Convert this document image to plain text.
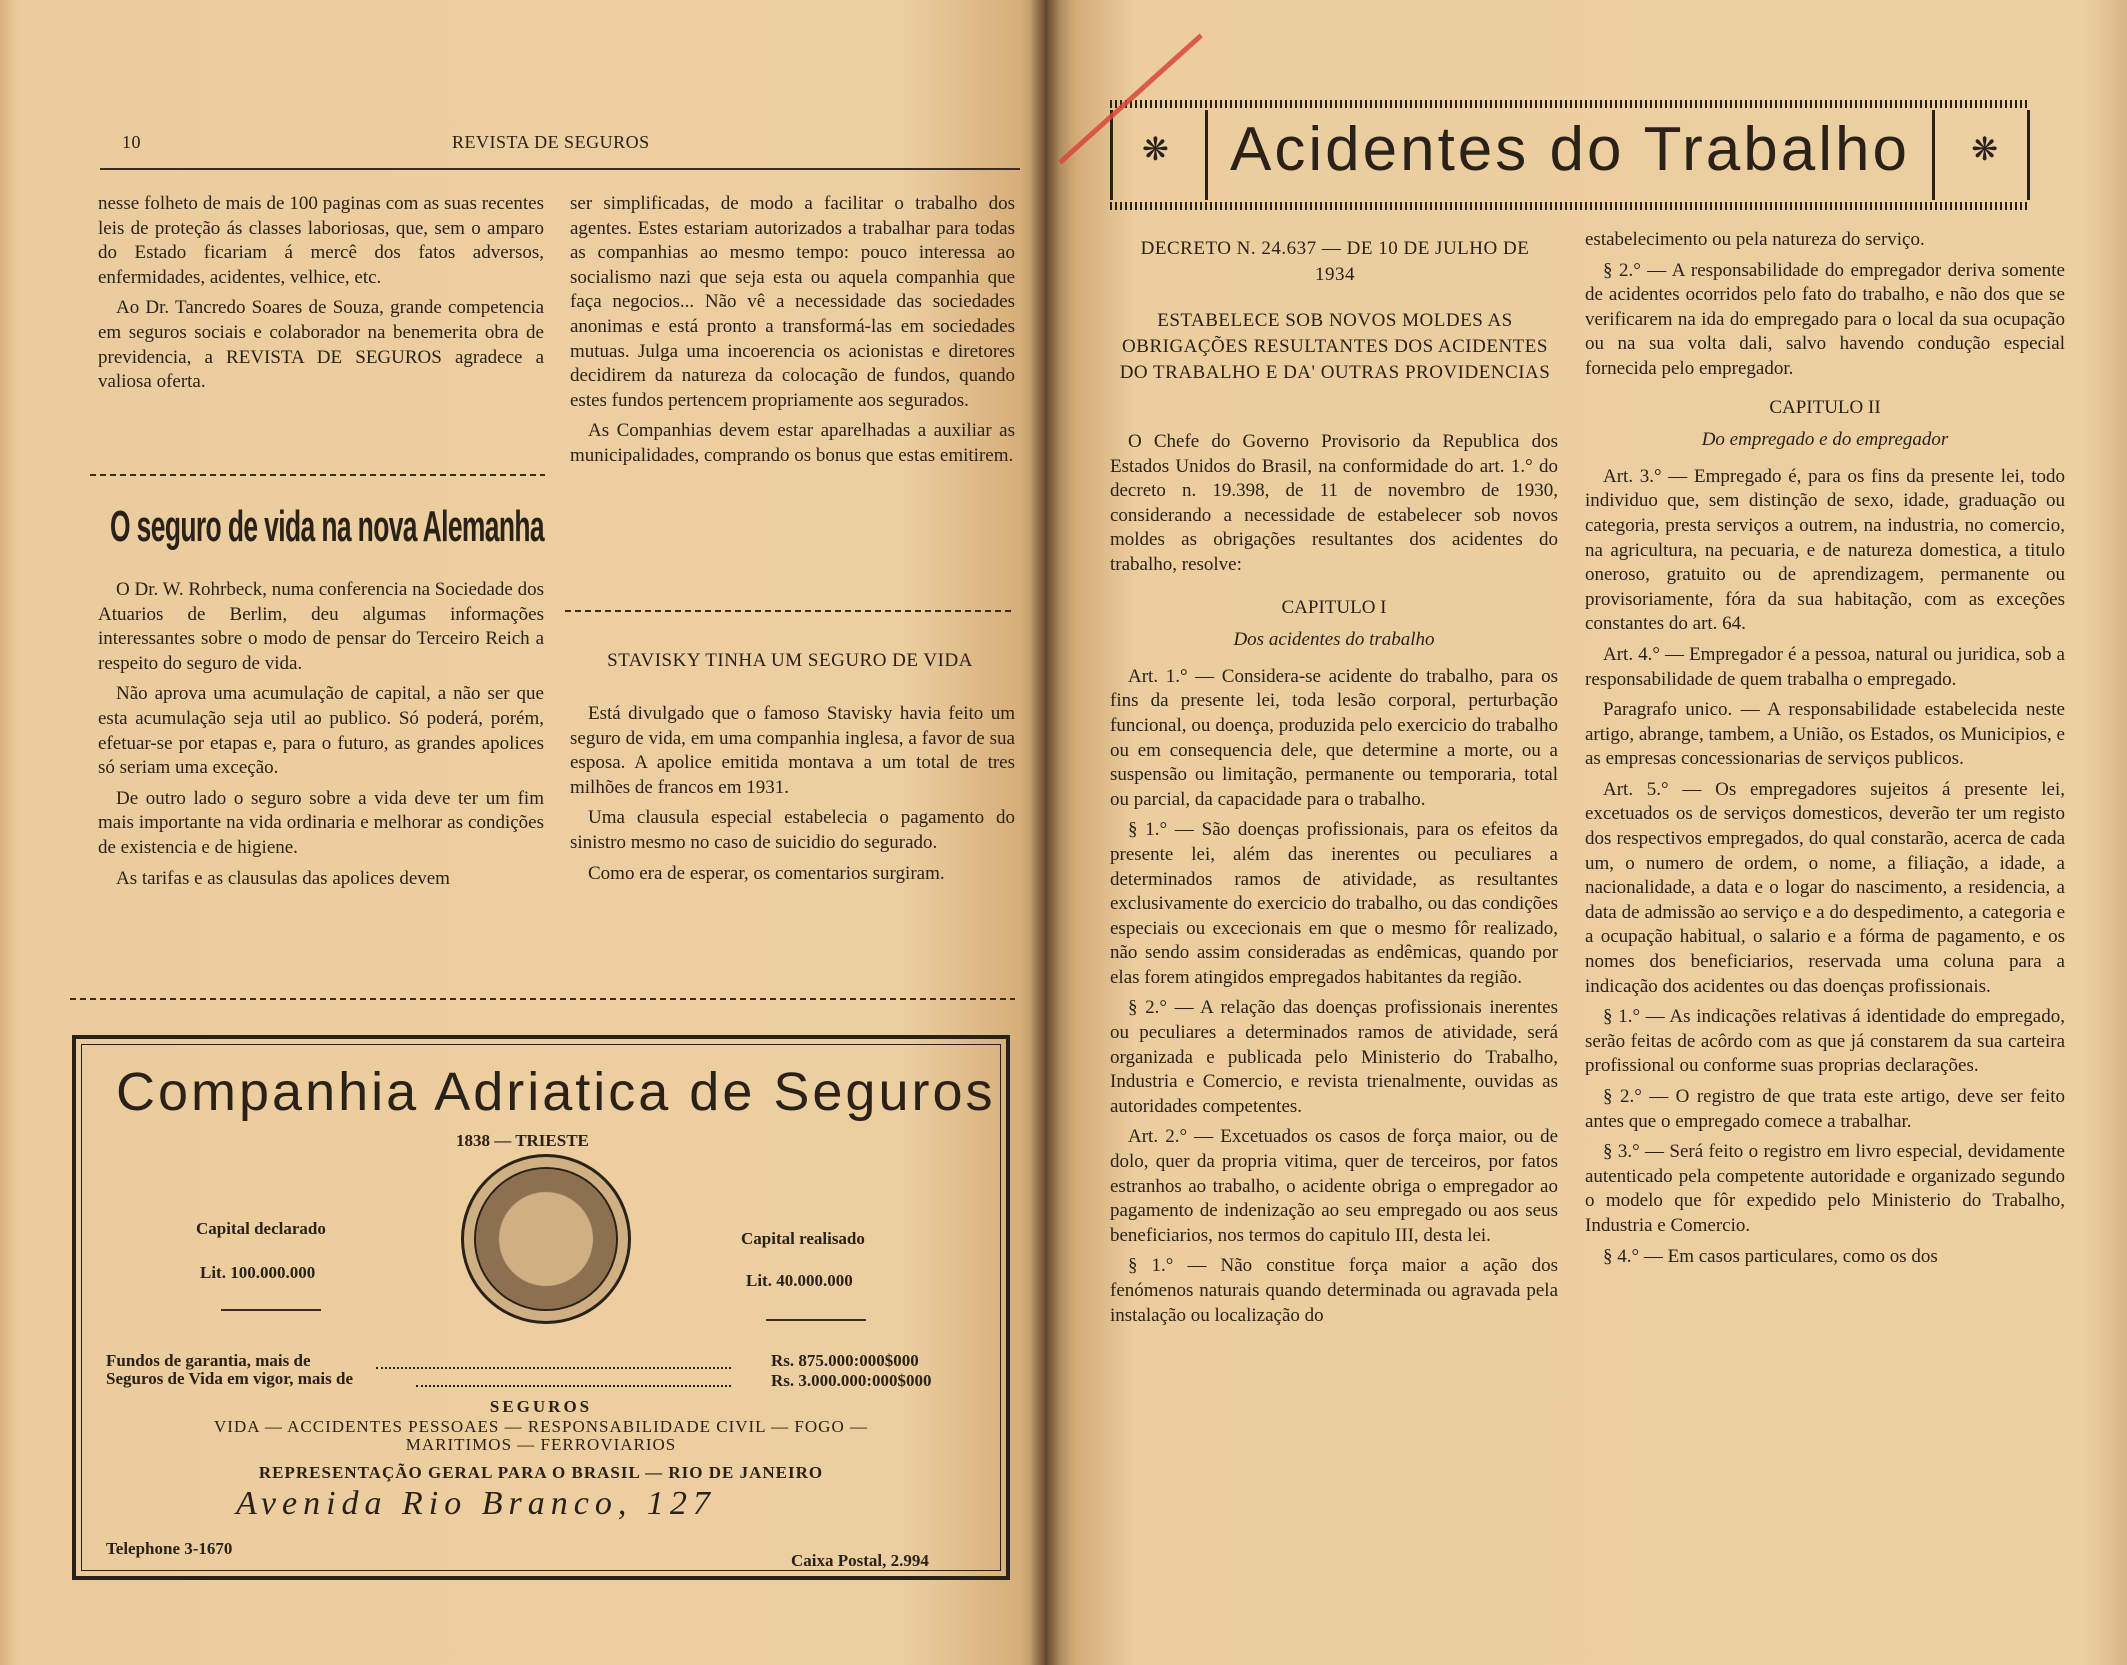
10	REVISTA DE SEGUROS

nesse folheto de mais de 100 paginas com as suas recentes leis de proteção ás classes laboriosas, que, sem o amparo do Estado ficariam á mercê dos fatos adversos, enfermidades, acidentes, velhice, etc.

Ao Dr. Tancredo Soares de Souza, grande competencia em seguros sociais e colaborador na benemerita obra de previdencia, a REVISTA DE SEGUROS agradece a valiosa oferta.

O seguro de vida na nova Alemanha

O Dr. W. Rohrbeck, numa conferencia na Sociedade dos Atuarios de Berlim, deu algumas informações interessantes sobre o modo de pensar do Terceiro Reich a respeito do seguro de vida.

Não aprova uma acumulação de capital, a não ser que esta acumulação seja util ao publico. Só poderá, porém, efetuar-se por etapas e, para o futuro, as grandes apolices só seriam uma exceção.

De outro lado o seguro sobre a vida deve ter um fim mais importante na vida ordinaria e melhorar as condições de existencia e de higiene.

As tarifas e as clausulas das apolices devem

ser simplificadas, de modo a facilitar o trabalho dos agentes. Estes estariam autorizados a trabalhar para todas as companhias ao mesmo tempo: pouco interessa ao socialismo nazi que seja esta ou aquela companhia que faça negocios... Não vê a necessidade das sociedades anonimas e está pronto a transformá-las em sociedades mutuas. Julga uma incoerencia os acionistas e diretores decidirem da natureza da colocação de fundos, quando estes fundos pertencem propriamente aos segurados.

As Companhias devem estar aparelhadas a auxiliar as municipalidades, comprando os bonus que estas emitirem.

STAVISKY TINHA UM SEGURO DE VIDA

Está divulgado que o famoso Stavisky havia feito um seguro de vida, em uma companhia inglesa, a favor de sua esposa. A apolice emitida montava a um total de tres milhões de francos em 1931.

Uma clausula especial estabelecia o pagamento do sinistro mesmo no caso de suicidio do segurado.

Como era de esperar, os comentarios surgiram.

Companhia Adriatica de Seguros
1838 — TRIESTE
Capital declarado
Lit. 100.000.000
Capital realisado
Lit. 40.000.000
Fundos de garantia, mais de	Rs. 875.000:000$000
Seguros de Vida em vigor, mais de	Rs. 3.000.000:000$000
SEGUROS
VIDA — ACCIDENTES PESSOAES — RESPONSABILIDADE CIVIL — FOGO —
MARITIMOS — FERROVIARIOS
REPRESENTAÇÃO GERAL PARA O BRASIL — RIO DE JANEIRO
Avenida Rio Branco, 127
Telephone 3-1670
Caixa Postal, 2.994
❋	❋
Acidentes do Trabalho
DECRETO N. 24.637 — DE 10 DE JULHO DE 1934
ESTABELECE SOB NOVOS MOLDES AS OBRIGAÇÕES RESULTANTES DOS ACIDENTES DO TRABALHO E DA' OUTRAS PROVIDENCIAS

O Chefe do Governo Provisorio da Republica dos Estados Unidos do Brasil, na conformidade do art. 1.° do decreto n. 19.398, de 11 de novembro de 1930, considerando a necessidade de estabelecer sob novos moldes as obrigações resultantes dos acidentes do trabalho, resolve:

CAPITULO I
Dos acidentes do trabalho

Art. 1.° — Considera-se acidente do trabalho, para os fins da presente lei, toda lesão corporal, perturbação funcional, ou doença, produzida pelo exercicio do trabalho ou em consequencia dele, que determine a morte, ou a suspensão ou limitação, permanente ou temporaria, total ou parcial, da capacidade para o trabalho.

§ 1.° — São doenças profissionais, para os efeitos da presente lei, além das inerentes ou peculiares a determinados ramos de atividade, as resultantes exclusivamente do exercicio do trabalho, ou das condições especiais ou excecionais em que o mesmo fôr realizado, não sendo assim consideradas as endêmicas, quando por elas forem atingidos empregados habitantes da região.

§ 2.° — A relação das doenças profissionais inerentes ou peculiares a determinados ramos de atividade, será organizada e publicada pelo Ministerio do Trabalho, Industria e Comercio, e revista trienalmente, ouvidas as autoridades competentes.

Art. 2.° — Excetuados os casos de força maior, ou de dolo, quer da propria vitima, quer de terceiros, por fatos estranhos ao trabalho, o acidente obriga o empregador ao pagamento de indenização ao seu empregado ou aos seus beneficiarios, nos termos do capitulo III, desta lei.

§ 1.° — Não constitue força maior a ação dos fenómenos naturais quando determinada ou agravada pela instalação ou localização do

estabelecimento ou pela natureza do serviço.

§ 2.° — A responsabilidade do empregador deriva somente de acidentes ocorridos pelo fato do trabalho, e não dos que se verificarem na ida do empregado para o local da sua ocupação ou na sua volta dali, salvo havendo condução especial fornecida pelo empregador.

CAPITULO II
Do empregado e do empregador

Art. 3.° — Empregado é, para os fins da presente lei, todo individuo que, sem distinção de sexo, idade, graduação ou categoria, presta serviços a outrem, na industria, no comercio, na agricultura, na pecuaria, e de natureza domestica, a titulo oneroso, gratuito ou de aprendizagem, permanente ou provisoriamente, fóra da sua habitação, com as exceções constantes do art. 64.

Art. 4.° — Empregador é a pessoa, natural ou juridica, sob a responsabilidade de quem trabalha o empregado.

Paragrafo unico. — A responsabilidade estabelecida neste artigo, abrange, tambem, a União, os Estados, os Municipios, e as empresas concessionarias de serviços publicos.

Art. 5.° — Os empregadores sujeitos á presente lei, excetuados os de serviços domesticos, deverão ter um registo dos respectivos empregados, do qual constarão, acerca de cada um, o numero de ordem, o nome, a filiação, a idade, a nacionalidade, a data e o logar do nascimento, a residencia, a data de admissão ao serviço e a do despedimento, a categoria e a ocupação habitual, o salario e a fórma de pagamento, e os nomes dos beneficiarios, reservada uma coluna para a indicação dos acidentes ou das doenças profissionais.

§ 1.° — As indicações relativas á identidade do empregado, serão feitas de acôrdo com as que já constarem da sua carteira profissional ou conforme suas proprias declarações.

§ 2.° — O registro de que trata este artigo, deve ser feito antes que o empregado comece a trabalhar.

§ 3.° — Será feito o registro em livro especial, devidamente autenticado pela competente autoridade e organizado segundo o modelo que fôr expedido pelo Ministerio do Trabalho, Industria e Comercio.

§ 4.° — Em casos particulares, como os dos
